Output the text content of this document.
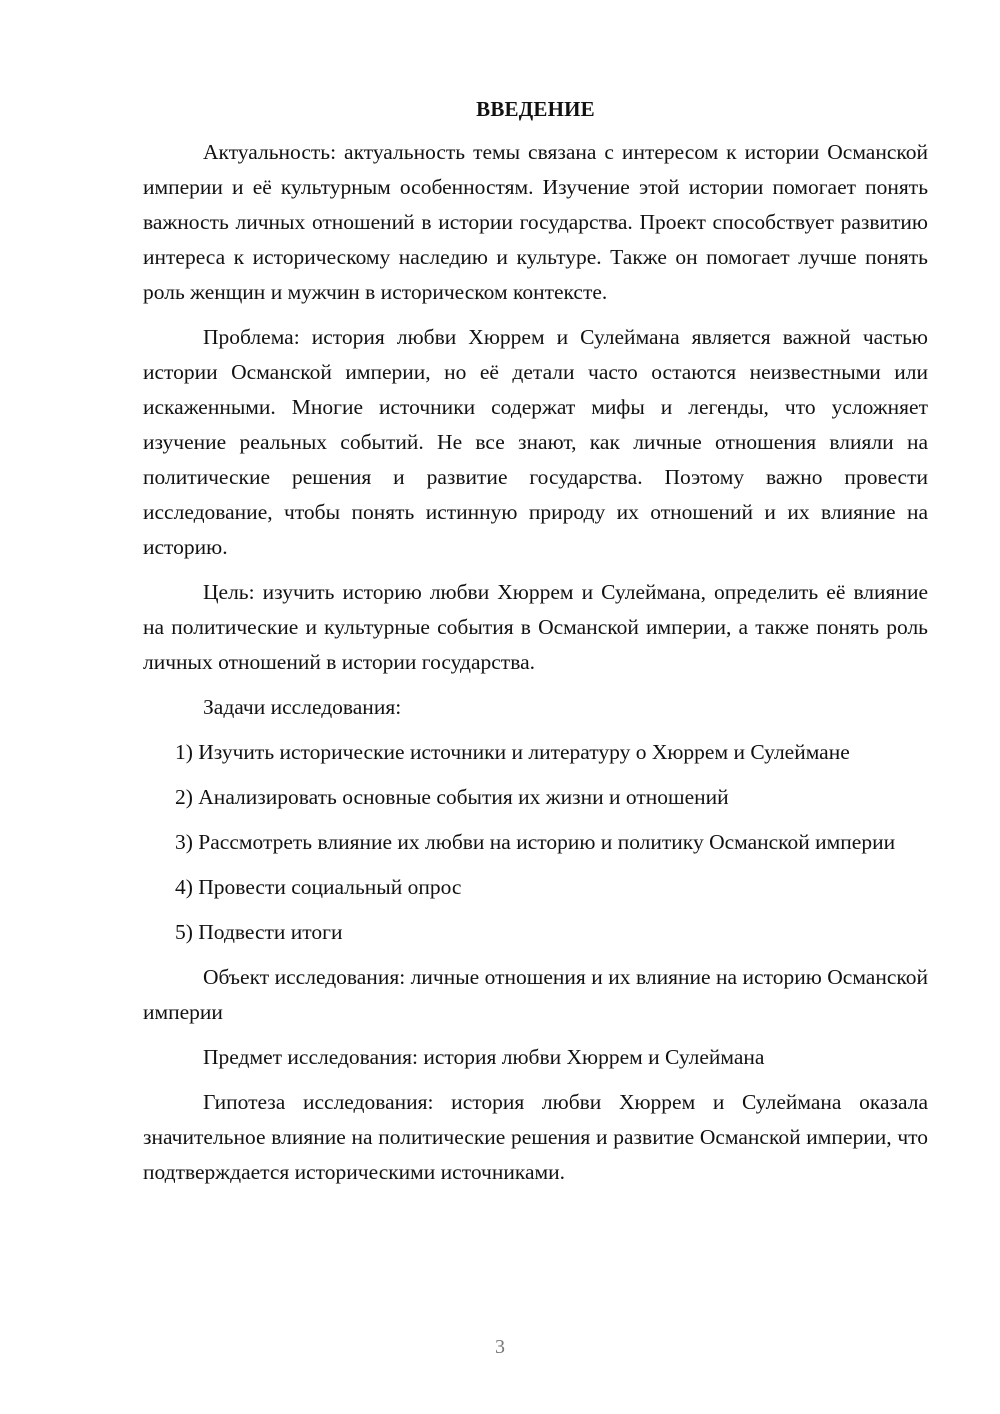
ВВЕДЕНИЕ

Актуальность: актуальность темы связана с интересом к истории Османской империи и её культурным особенностям. Изучение этой истории помогает понять важность личных отношений в истории государства. Проект способствует развитию интереса к историческому наследию и культуре. Также он помогает лучше понять роль женщин и мужчин в историческом контексте.

Проблема: история любви Хюррем и Сулеймана является важной частью истории Османской империи, но её детали часто остаются неизвестными или искаженными. Многие источники содержат мифы и легенды, что усложняет изучение реальных событий. Не все знают, как личные отношения влияли на политические решения и развитие государства. Поэтому важно провести исследование, чтобы понять истинную природу их отношений и их влияние на историю.

Цель: изучить историю любви Хюррем и Сулеймана, определить её влияние на политические и культурные события в Османской империи, а также понять роль личных отношений в истории государства.

Задачи исследования:

1) Изучить исторические источники и литературу о Хюррем и Сулеймане

2) Анализировать основные события их жизни и отношений

3) Рассмотреть влияние их любви на историю и политику Османской империи

4) Провести социальный опрос

5) Подвести итоги

Объект исследования: личные отношения и их влияние на историю Османской империи

Предмет исследования: история любви Хюррем и Сулеймана

Гипотеза исследования: история любви Хюррем и Сулеймана оказала значительное влияние на политические решения и развитие Османской империи, что подтверждается историческими источниками.

3
